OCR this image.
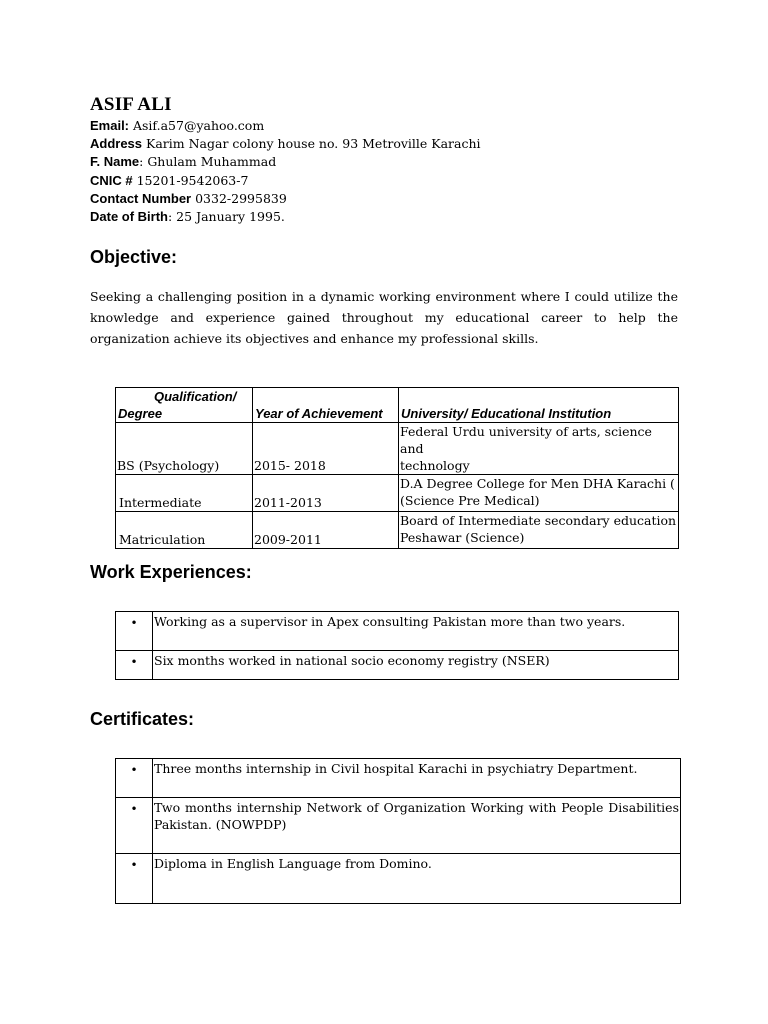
ASIF ALI
Email: Asif.a57@yahoo.com
Address Karim Nagar colony house no. 93 Metroville Karachi
F. Name: Ghulam Muhammad
CNIC # 15201-9542063-7
Contact Number 0332-2995839
Date of Birth: 25 January 1995.
Objective:
Seeking a challenging position in a dynamic working environment where I could utilize the knowledge and experience gained throughout my educational career to help the organization achieve its objectives and enhance my professional skills.
Qualification/
Degree	Year of Achievement	University/ Educational Institution
BS (Psychology)	2015- 2018	Federal Urdu university of arts, science and
technology

Intermediate	2011-2013	D.A Degree College for Men DHA Karachi (
(Science Pre Medical)

Matriculation	2009-2011	Board of Intermediate secondary education
Peshawar (Science)
Work Experiences:
•	Working as a supervisor in Apex consulting Pakistan more than two years.
•	Six months worked in national socio economy registry (NSER)
Certificates:
•	Three months internship in Civil hospital Karachi in psychiatry Department.
•	Two months internship Network of Organization Working with People Disabilities Pakistan. (NOWPDP)
•	Diploma in English Language from Domino.
